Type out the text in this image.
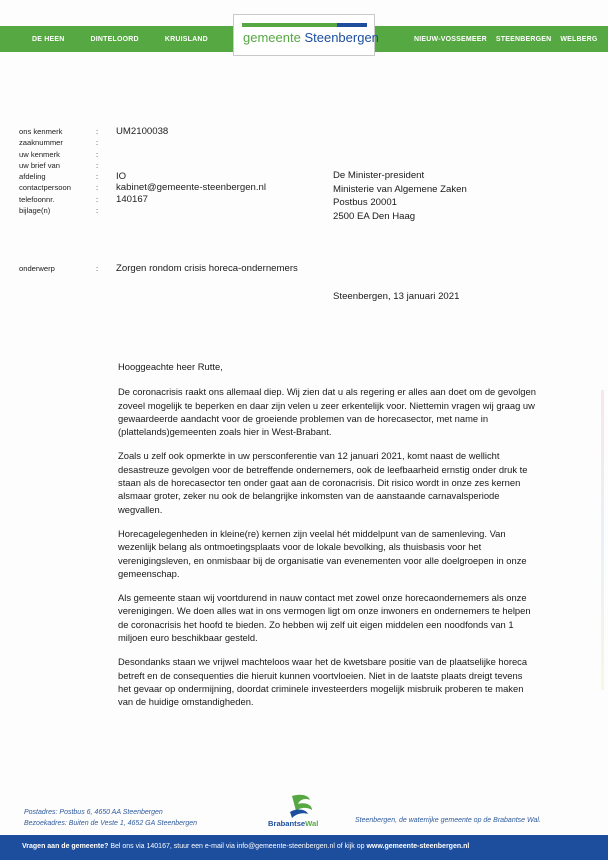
DE HEEN	DINTELOORD	KRUISLAND	NIEUW-VOSSEMEER STEENBERGEN WELBERG
gemeente Steenbergen
ons kenmerk	: UM2100038
zaaknummer	:
uw kenmerk	:
uw brief van	:
afdeling	: IO
contactpersoon	: kabinet@gemeente-steenbergen.nl
telefoonnr.	: 140167
bijlage(n)	:
De Minister-president
Ministerie van Algemene Zaken
Postbus 20001
2500 EA Den Haag
onderwerp	: Zorgen rondom crisis horeca-ondernemers
Steenbergen, 13 januari 2021

Hooggeachte heer Rutte,

De coronacrisis raakt ons allemaal diep. Wij zien dat u als regering er alles aan doet om de gevolgen zoveel mogelijk te beperken en daar zijn velen u zeer erkentelijk voor. Niettemin vragen wij graag uw gewaardeerde aandacht voor de groeiende problemen van de horecasector, met name in (plattelands)gemeenten zoals hier in West-Brabant.

Zoals u zelf ook opmerkte in uw persconferentie van 12 januari 2021, komt naast de wellicht desastreuze gevolgen voor de betreffende ondernemers, ook de leefbaarheid ernstig onder druk te staan als de horecasector ten onder gaat aan de coronacrisis. Dit risico wordt in onze zes kernen alsmaar groter, zeker nu ook de belangrijke inkomsten van de aanstaande carnavalsperiode wegvallen.

Horecagelegenheden in kleine(re) kernen zijn veelal hét middelpunt van de samenleving. Van wezenlijk belang als ontmoetingsplaats voor de lokale bevolking, als thuisbasis voor het verenigingsleven, en onmisbaar bij de organisatie van evenementen voor alle doelgroepen in onze gemeenschap.

Als gemeente staan wij voortdurend in nauw contact met zowel onze horecaondernemers als onze verenigingen. We doen alles wat in ons vermogen ligt om onze inwoners en ondernemers te helpen de coronacrisis het hoofd te bieden. Zo hebben wij zelf uit eigen middelen een noodfonds van 1 miljoen euro beschikbaar gesteld.

Desondanks staan we vrijwel machteloos waar het de kwetsbare positie van de plaatselijke horeca betreft en de consequenties die hieruit kunnen voortvloeien. Niet in de laatste plaats dreigt tevens het gevaar op ondermijning, doordat criminele investeerders mogelijk misbruik proberen te maken van de huidige omstandigheden.

Postadres: Postbus 6, 4650 AA Steenbergen
Bezoekadres: Buiten de Veste 1, 4652 GA Steenbergen	BrabantseWal	Steenbergen, de waterrijke gemeente op de Brabantse Wal.
Vragen aan de gemeente? Bel ons via 140167, stuur een e-mail via info@gemeente-steenbergen.nl of kijk op www.gemeente-steenbergen.nl
